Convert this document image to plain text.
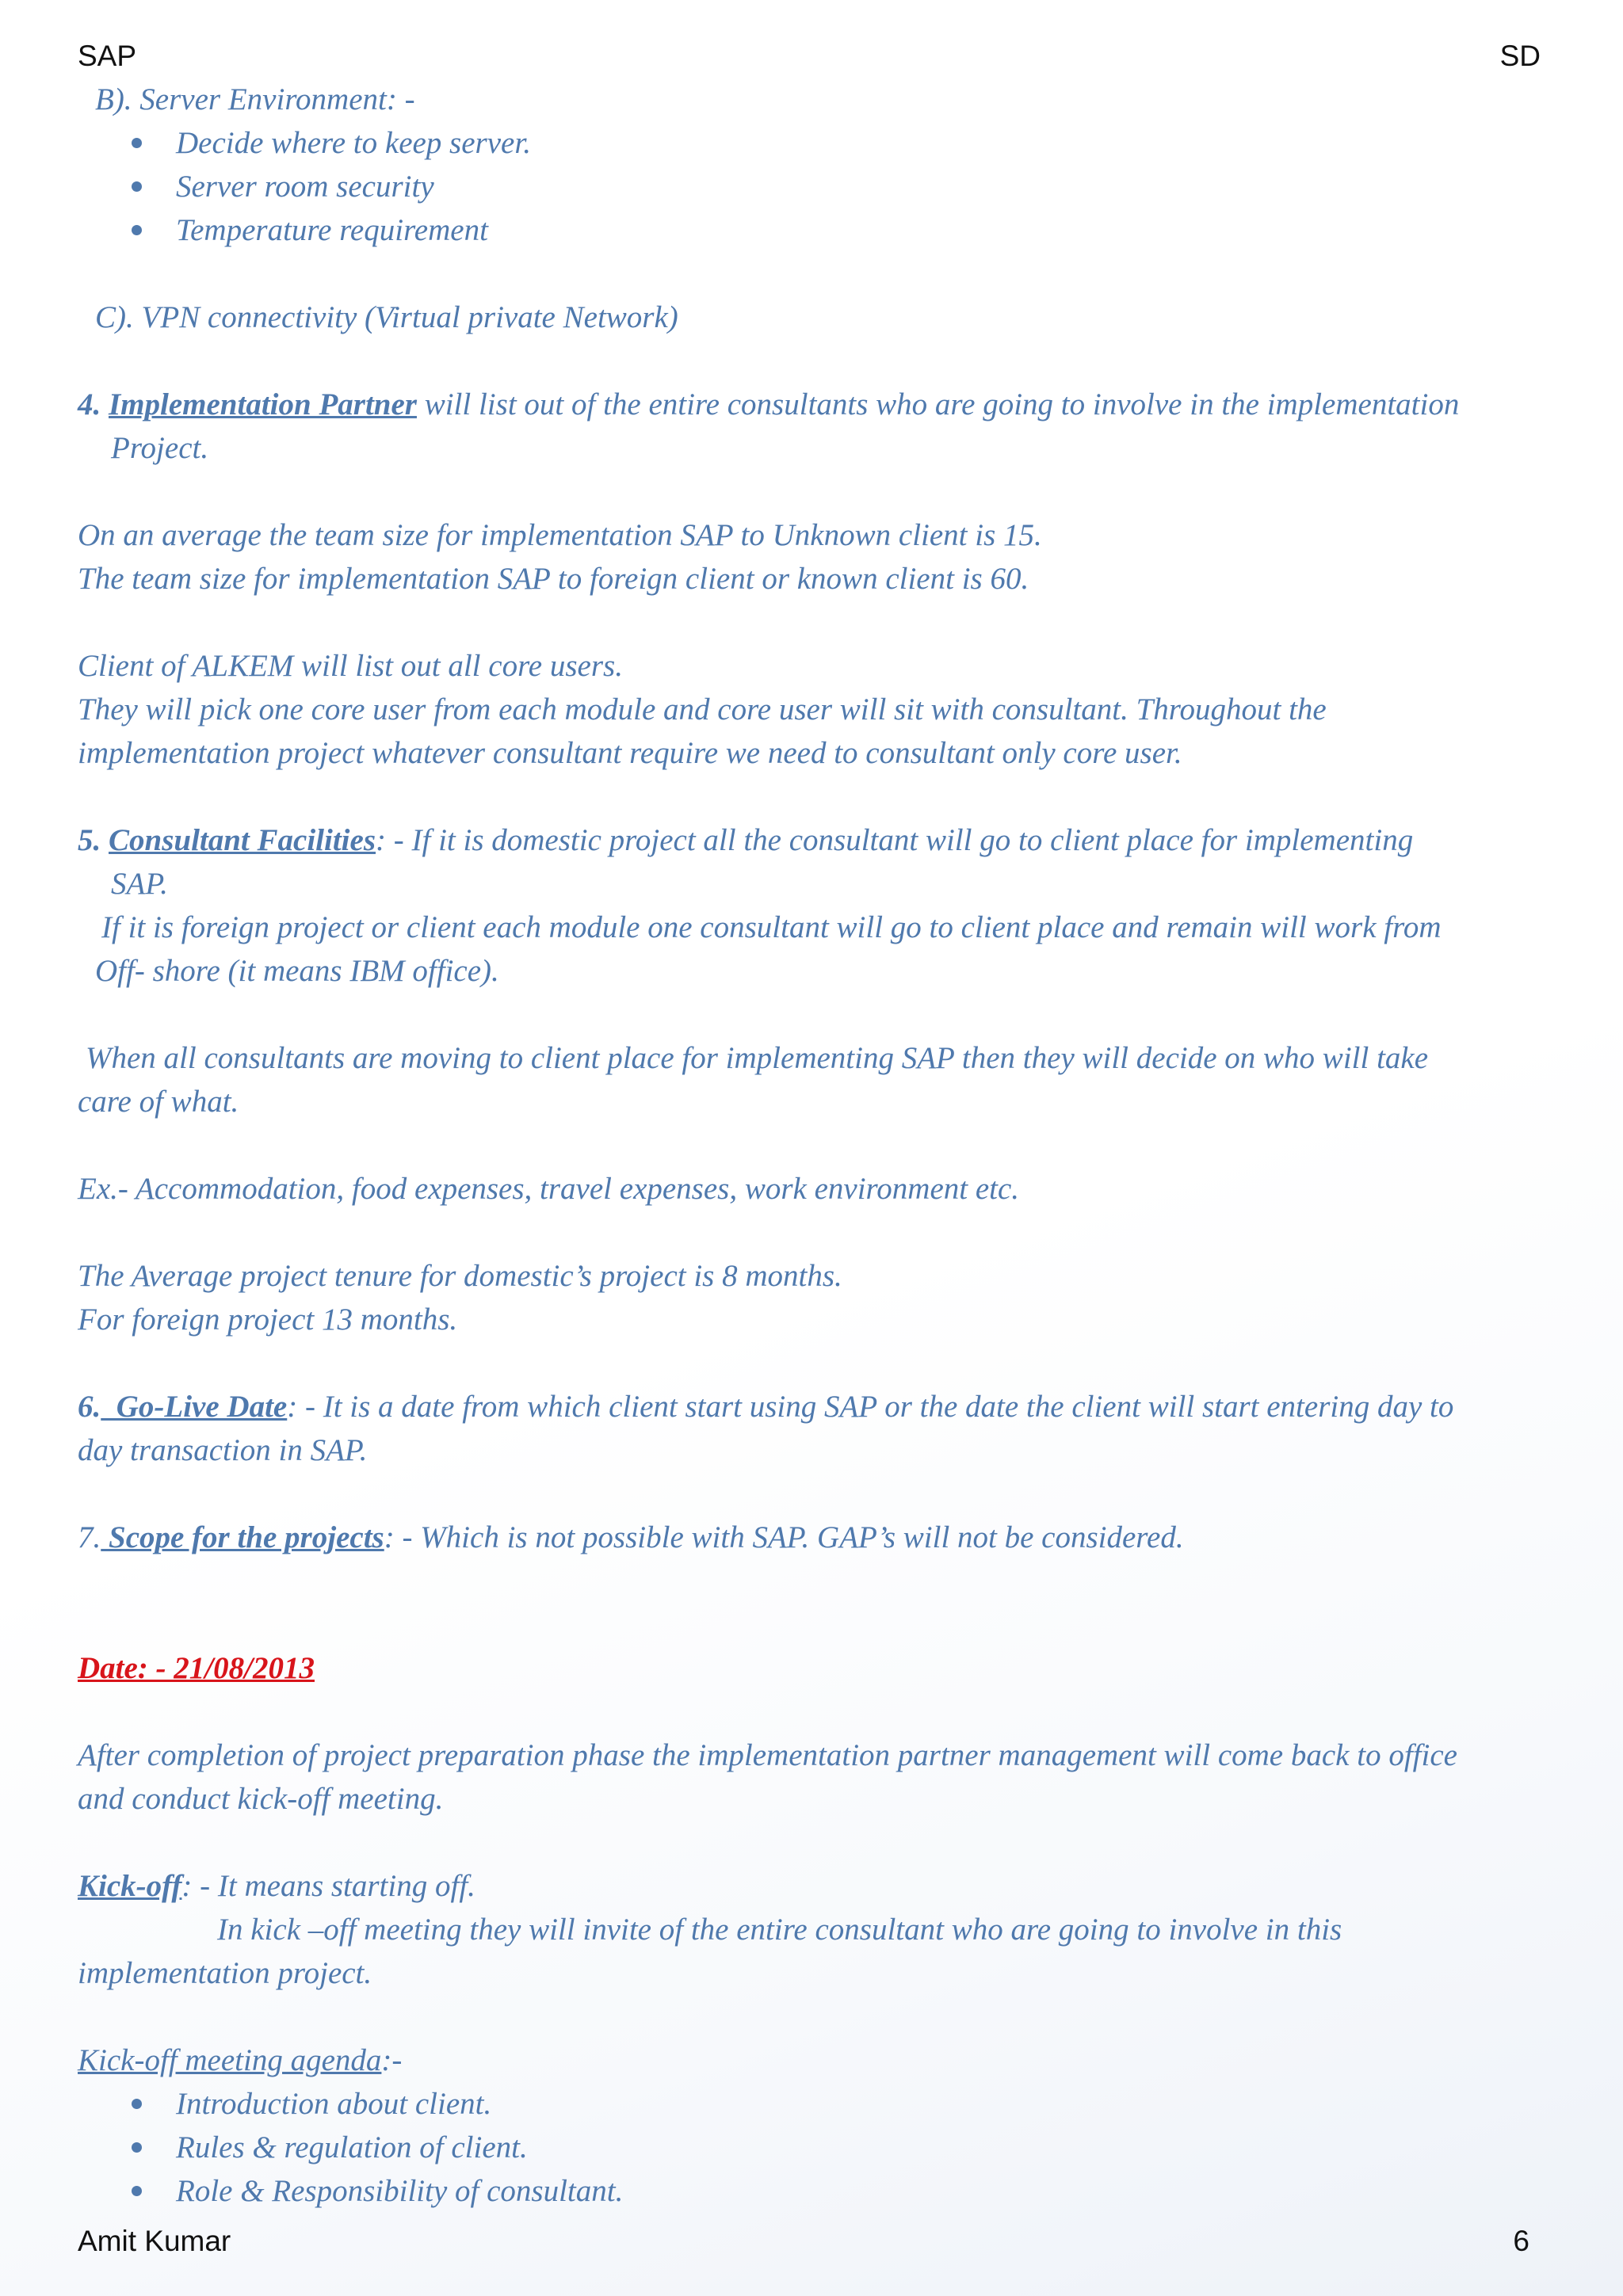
SAP	SD

B). Server Environment: -

Decide where to keep server.
Server room security
Temperature requirement

C). VPN connectivity (Virtual private Network)

4. Implementation Partner will list out of the entire consultants who are going to involve in the implementation

Project.

On an average the team size for implementation SAP to Unknown client is 15.

The team size for implementation SAP to foreign client or known client is 60.

Client of ALKEM will list out all core users.

They will pick one core user from each module and core user will sit with consultant. Throughout the

implementation project whatever consultant require we need to consultant only core user.

5. Consultant Facilities: - If it is domestic project all the consultant will go to client place for implementing

SAP.

If it is foreign project or client each module one consultant will go to client place and remain will work from

Off- shore (it means IBM office).

When all consultants are moving to client place for implementing SAP then they will decide on who will take

care of what.

Ex.- Accommodation, food expenses, travel expenses, work environment etc.

The Average project tenure for domestic’s project is 8 months.

For foreign project 13 months.

6.  Go-Live Date: - It is a date from which client start using SAP or the date the client will start entering day to

day transaction in SAP.

7. Scope for the projects: - Which is not possible with SAP. GAP’s will not be considered.

Date: - 21/08/2013

After completion of project preparation phase the implementation partner management will come back to office

and conduct kick-off meeting.

Kick-off: - It means starting off.

In kick –off meeting they will invite of the entire consultant who are going to involve in this

implementation project.

Kick-off meeting agenda:-

Introduction about client.
Rules & regulation of client.
Role & Responsibility of consultant.
Amit Kumar	6
